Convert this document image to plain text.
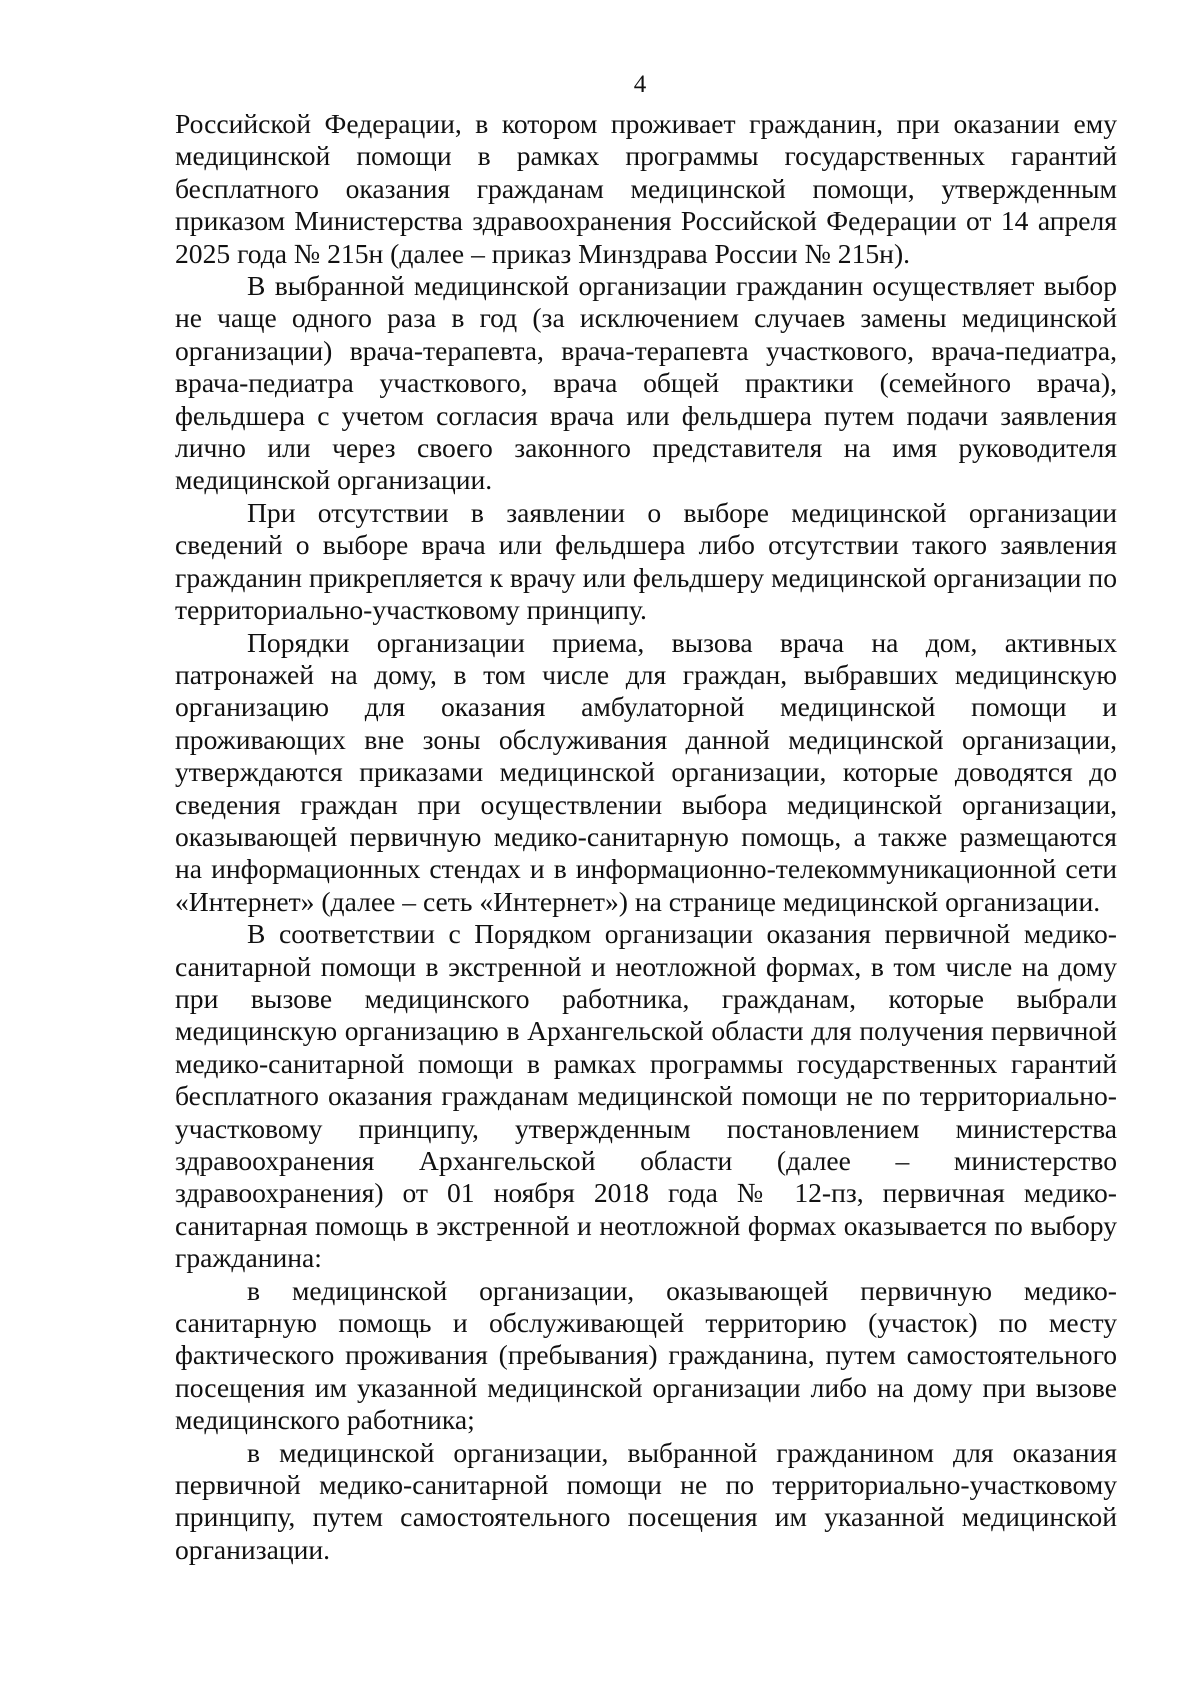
4

Российской Федерации, в котором проживает гражданин, при оказании ему медицинской помощи в рамках программы государственных гарантий бесплатного оказания гражданам медицинской помощи, утвержденным приказом Министерства здравоохранения Российской Федерации от 14 апреля 2025 года № 215н (далее – приказ Минздрава России № 215н).

В выбранной медицинской организации гражданин осуществляет выбор не чаще одного раза в год (за исключением случаев замены медицинской организации) врача-терапевта, врача-терапевта участкового, врача-педиатра, врача-педиатра участкового, врача общей практики (семейного врача), фельдшера с учетом согласия врача или фельдшера путем подачи заявления лично или через своего законного представителя на имя руководителя медицинской организации.

При отсутствии в заявлении о выборе медицинской организации сведений о выборе врача или фельдшера либо отсутствии такого заявления гражданин прикрепляется к врачу или фельдшеру медицинской организации по территориально-участковому принципу.

Порядки организации приема, вызова врача на дом, активных патронажей на дому, в том числе для граждан, выбравших медицинскую организацию для оказания амбулаторной медицинской помощи и проживающих вне зоны обслуживания данной медицинской организации, утверждаются приказами медицинской организации, которые доводятся до сведения граждан при осуществлении выбора медицинской организации, оказывающей первичную медико-санитарную помощь, а также размещаются на информационных стендах и в информационно-телекоммуникационной сети «Интернет» (далее – сеть «Интернет») на странице медицинской организации.

В соответствии с Порядком организации оказания первичной медико-санитарной помощи в экстренной и неотложной формах, в том числе на дому при вызове медицинского работника, гражданам, которые выбрали медицинскую организацию в Архангельской области для получения первичной медико-санитарной помощи в рамках программы государственных гарантий бесплатного оказания гражданам медицинской помощи не по территориально-участковому принципу, утвержденным постановлением министерства здравоохранения Архангельской области (далее – министерство здравоохранения) от 01 ноября 2018 года № 12-пз, первичная медико-санитарная помощь в экстренной и неотложной формах оказывается по выбору гражданина:

в медицинской организации, оказывающей первичную медико-санитарную помощь и обслуживающей территорию (участок) по месту фактического проживания (пребывания) гражданина, путем самостоятельного посещения им указанной медицинской организации либо на дому при вызове медицинского работника;

в медицинской организации, выбранной гражданином для оказания первичной медико-санитарной помощи не по территориально-участковому принципу, путем самостоятельного посещения им указанной медицинской организации.
